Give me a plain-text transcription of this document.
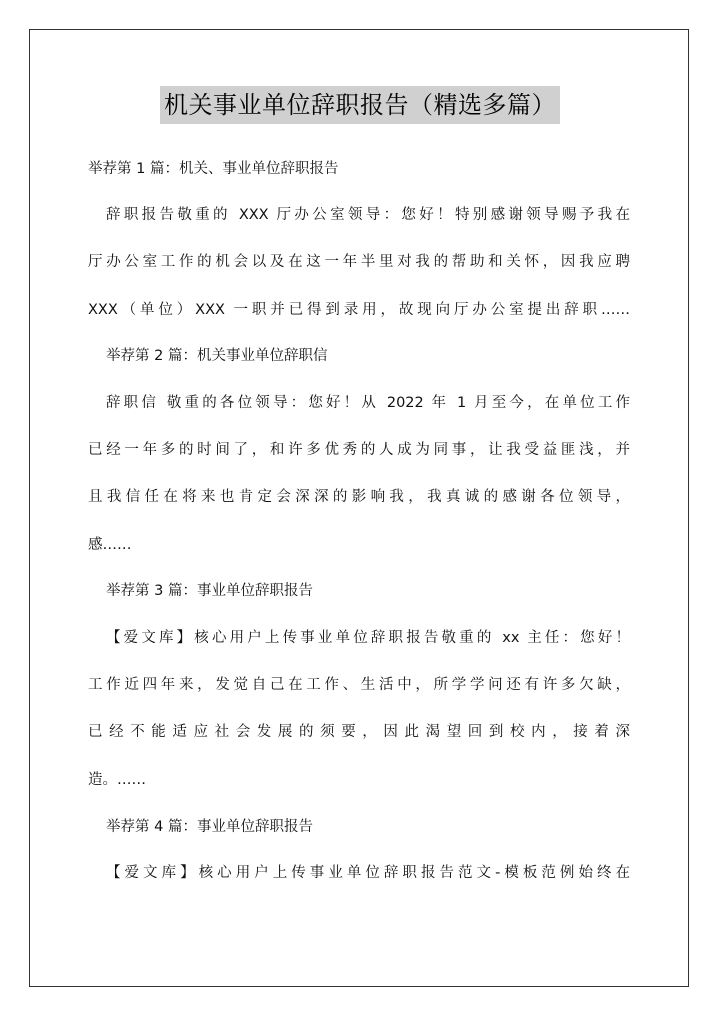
机关事业单位辞职报告（精选多篇）
举荐第 1 篇：机关、事业单位辞职报告
辞职报告敬重的 XXX 厅办公室领导：您好！特别感谢领导赐予我在
厅办公室工作的机会以及在这一年半里对我的帮助和关怀，因我应聘
XXX（单位）XXX 一职并已得到录用，故现向厅办公室提出辞职……
举荐第 2 篇：机关事业单位辞职信
辞职信 敬重的各位领导：您好！从 2022 年 1 月至今，在单位工作
已经一年多的时间了，和许多优秀的人成为同事，让我受益匪浅，并
且我信任在将来也肯定会深深的影响我，我真诚的感谢各位领导，
感……
举荐第 3 篇：事业单位辞职报告
【爱文库】核心用户上传事业单位辞职报告敬重的 xx 主任：您好！
工作近四年来，发觉自己在工作、生活中，所学学问还有许多欠缺，
已经不能适应社会发展的须要，因此渴望回到校内，接着深
造。……
举荐第 4 篇：事业单位辞职报告
【爱文库】核心用户上传事业单位辞职报告范文-模板范例始终在
